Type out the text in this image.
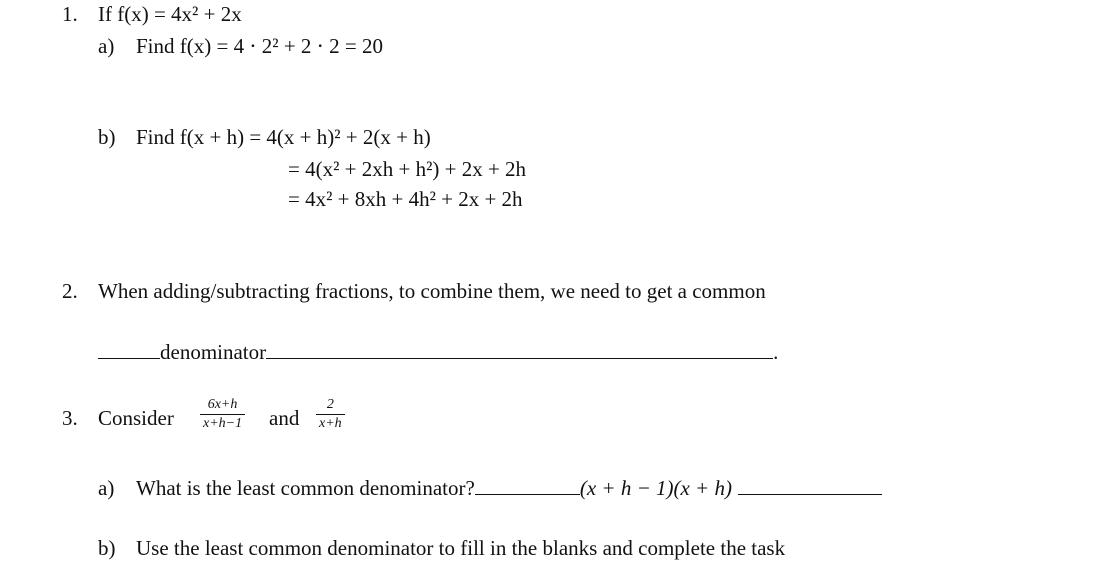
1. If f(x) = 4x² + 2x
a) Find f(x) = 4 ⋅ 2² + 2 ⋅ 2 = 20
b) Find f(x + h) = 4(x + h)² + 2(x + h)
= 4(x² + 2xh + h²) + 2x + 2h
= 4x² + 8xh + 4h² + 2x + 2h
2. When adding/subtracting fractions, to combine them, we need to get a common
denominator	.
3. Consider $\frac{6x+h}{x+h-1}$ and $\frac{2}{x+h}$
a) What is the least common denominator?	(x + h − 1)(x + h)
b) Use the least common denominator to fill in the blanks and complete the task
